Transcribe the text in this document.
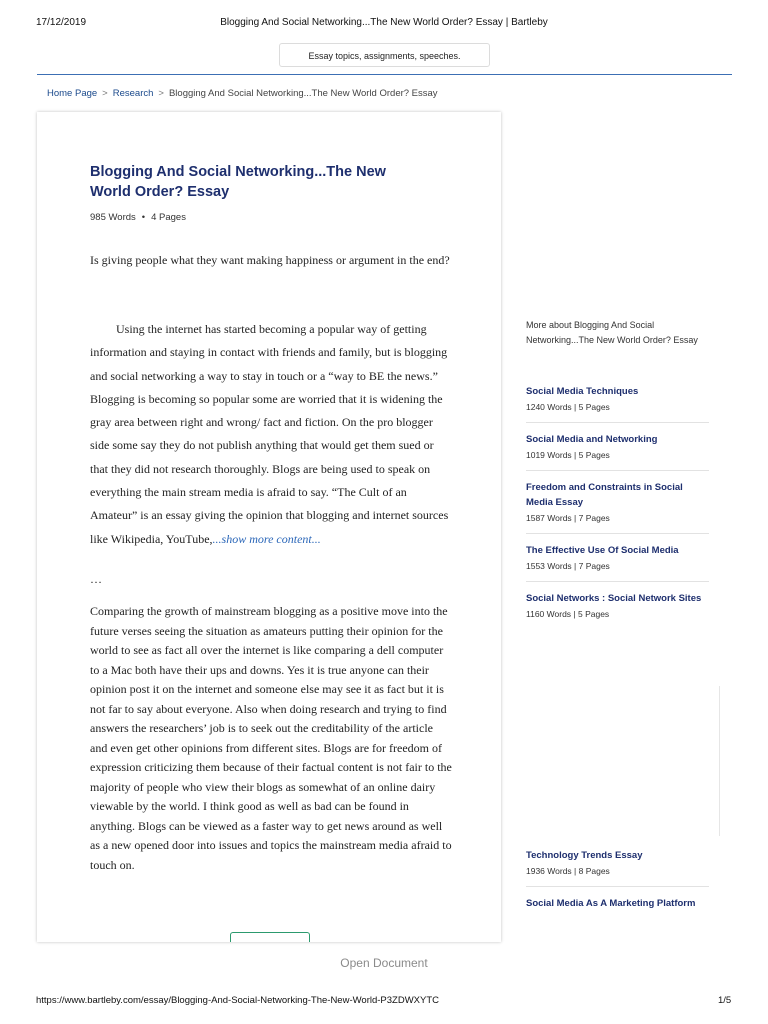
17/12/2019	Blogging And Social Networking...The New World Order? Essay | Bartleby
Essay topics, assignments, speeches.
Home Page > Research > Blogging And Social Networking...The New World Order? Essay
Blogging And Social Networking...The New World Order? Essay
985 Words • 4 Pages
Is giving people what they want making happiness or argument in the end?
Using the internet has started becoming a popular way of getting information and staying in contact with friends and family, but is blogging and social networking a way to stay in touch or a “way to BE the news.” Blogging is becoming so popular some are worried that it is widening the gray area between right and wrong/ fact and fiction. On the pro blogger side some say they do not publish anything that would get them sued or that they did not research thoroughly. Blogs are being used to speak on everything the main stream media is afraid to say. “The Cult of an Amateur” is an essay giving the opinion that blogging and internet sources like Wikipedia, YouTube,...show more content...
…
Comparing the growth of mainstream blogging as a positive move into the future verses seeing the situation as amateurs putting their opinion for the world to see as fact all over the internet is like comparing a dell computer to a Mac both have their ups and downs. Yes it is true anyone can their opinion post it on the internet and someone else may see it as fact but it is not far to say about everyone. Also when doing research and trying to find answers the researchers’ job is to seek out the creditability of the article and even get other opinions from different sites. Blogs are for freedom of expression criticizing them because of their factual content is not fair to the majority of people who view their blogs as somewhat of an online dairy viewable by the world. I think good as well as bad can be found in anything. Blogs can be viewed as a faster way to get news around as well as a new opened door into issues and topics the mainstream media afraid to touch on.
More about Blogging And Social Networking...The New World Order? Essay
Social Media Techniques
1240 Words | 5 Pages
Social Media and Networking
1019 Words | 5 Pages
Freedom and Constraints in Social Media Essay
1587 Words | 7 Pages
The Effective Use Of Social Media
1553 Words | 7 Pages
Social Networks : Social Network Sites
1160 Words | 5 Pages
Technology Trends Essay
1936 Words | 8 Pages
Social Media As A Marketing Platform
Open Document
https://www.bartleby.com/essay/Blogging-And-Social-Networking-The-New-World-P3ZDWXYTC	1/5
